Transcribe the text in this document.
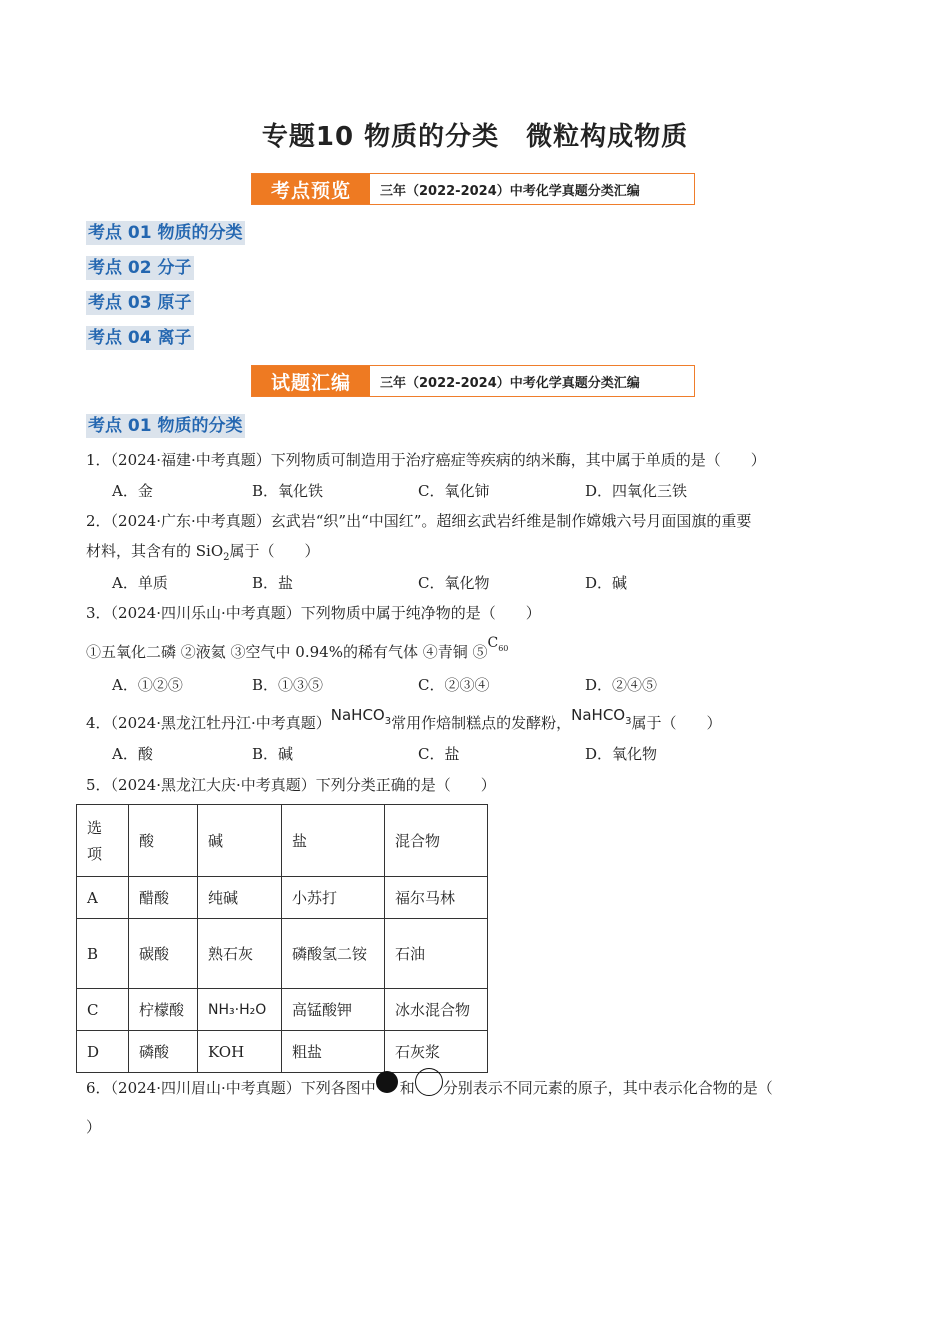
专题10 物质的分类　微粒构成物质
考点预览	三年（2022-2024）中考化学真题分类汇编
考点 01 物质的分类
考点 02 分子
考点 03 原子
考点 04 离子
试题汇编	三年（2022-2024）中考化学真题分类汇编
考点 01 物质的分类
1．（2024·福建·中考真题）下列物质可制造用于治疗癌症等疾病的纳米酶，其中属于单质的是（　　）
A．金	B．氧化铁	C．氧化铈	D．四氧化三铁
2．（2024·广东·中考真题）玄武岩“织”出“中国红”。超细玄武岩纤维是制作嫦娥六号月面国旗的重要
材料，其含有的 SiO$_2$属于（　　）
A．单质	B．盐	C．氧化物	D．碱
3．（2024·四川乐山·中考真题）下列物质中属于纯净物的是（　　）
①五氧化二磷 ②液氦 ③空气中 0.94%的稀有气体 ④青铜 $⑤C_{60}$
A．①②⑤	B．①③⑤	C．②③④	D．②④⑤
4．（2024·黑龙江牡丹江·中考真题）NaHCO$_3$常用作焙制糕点的发酵粉，NaHCO$_3$属于（　　）
A．酸	B．碱	C．盐	D．氧化物
5．（2024·黑龙江大庆·中考真题）下列分类正确的是（　　）
选项	酸	碱	盐	混合物
A	醋酸	纯碱	小苏打	福尔马林
B	碳酸	熟石灰	磷酸氢二铵	石油
C	柠檬酸	NH₃·H₂O	高锰酸钾	冰水混合物
D	磷酸	KOH	粗盐	石灰浆
6．（2024·四川眉山·中考真题）下列各图中 和 分别表示不同元素的原子，其中表示化合物的是（
）
